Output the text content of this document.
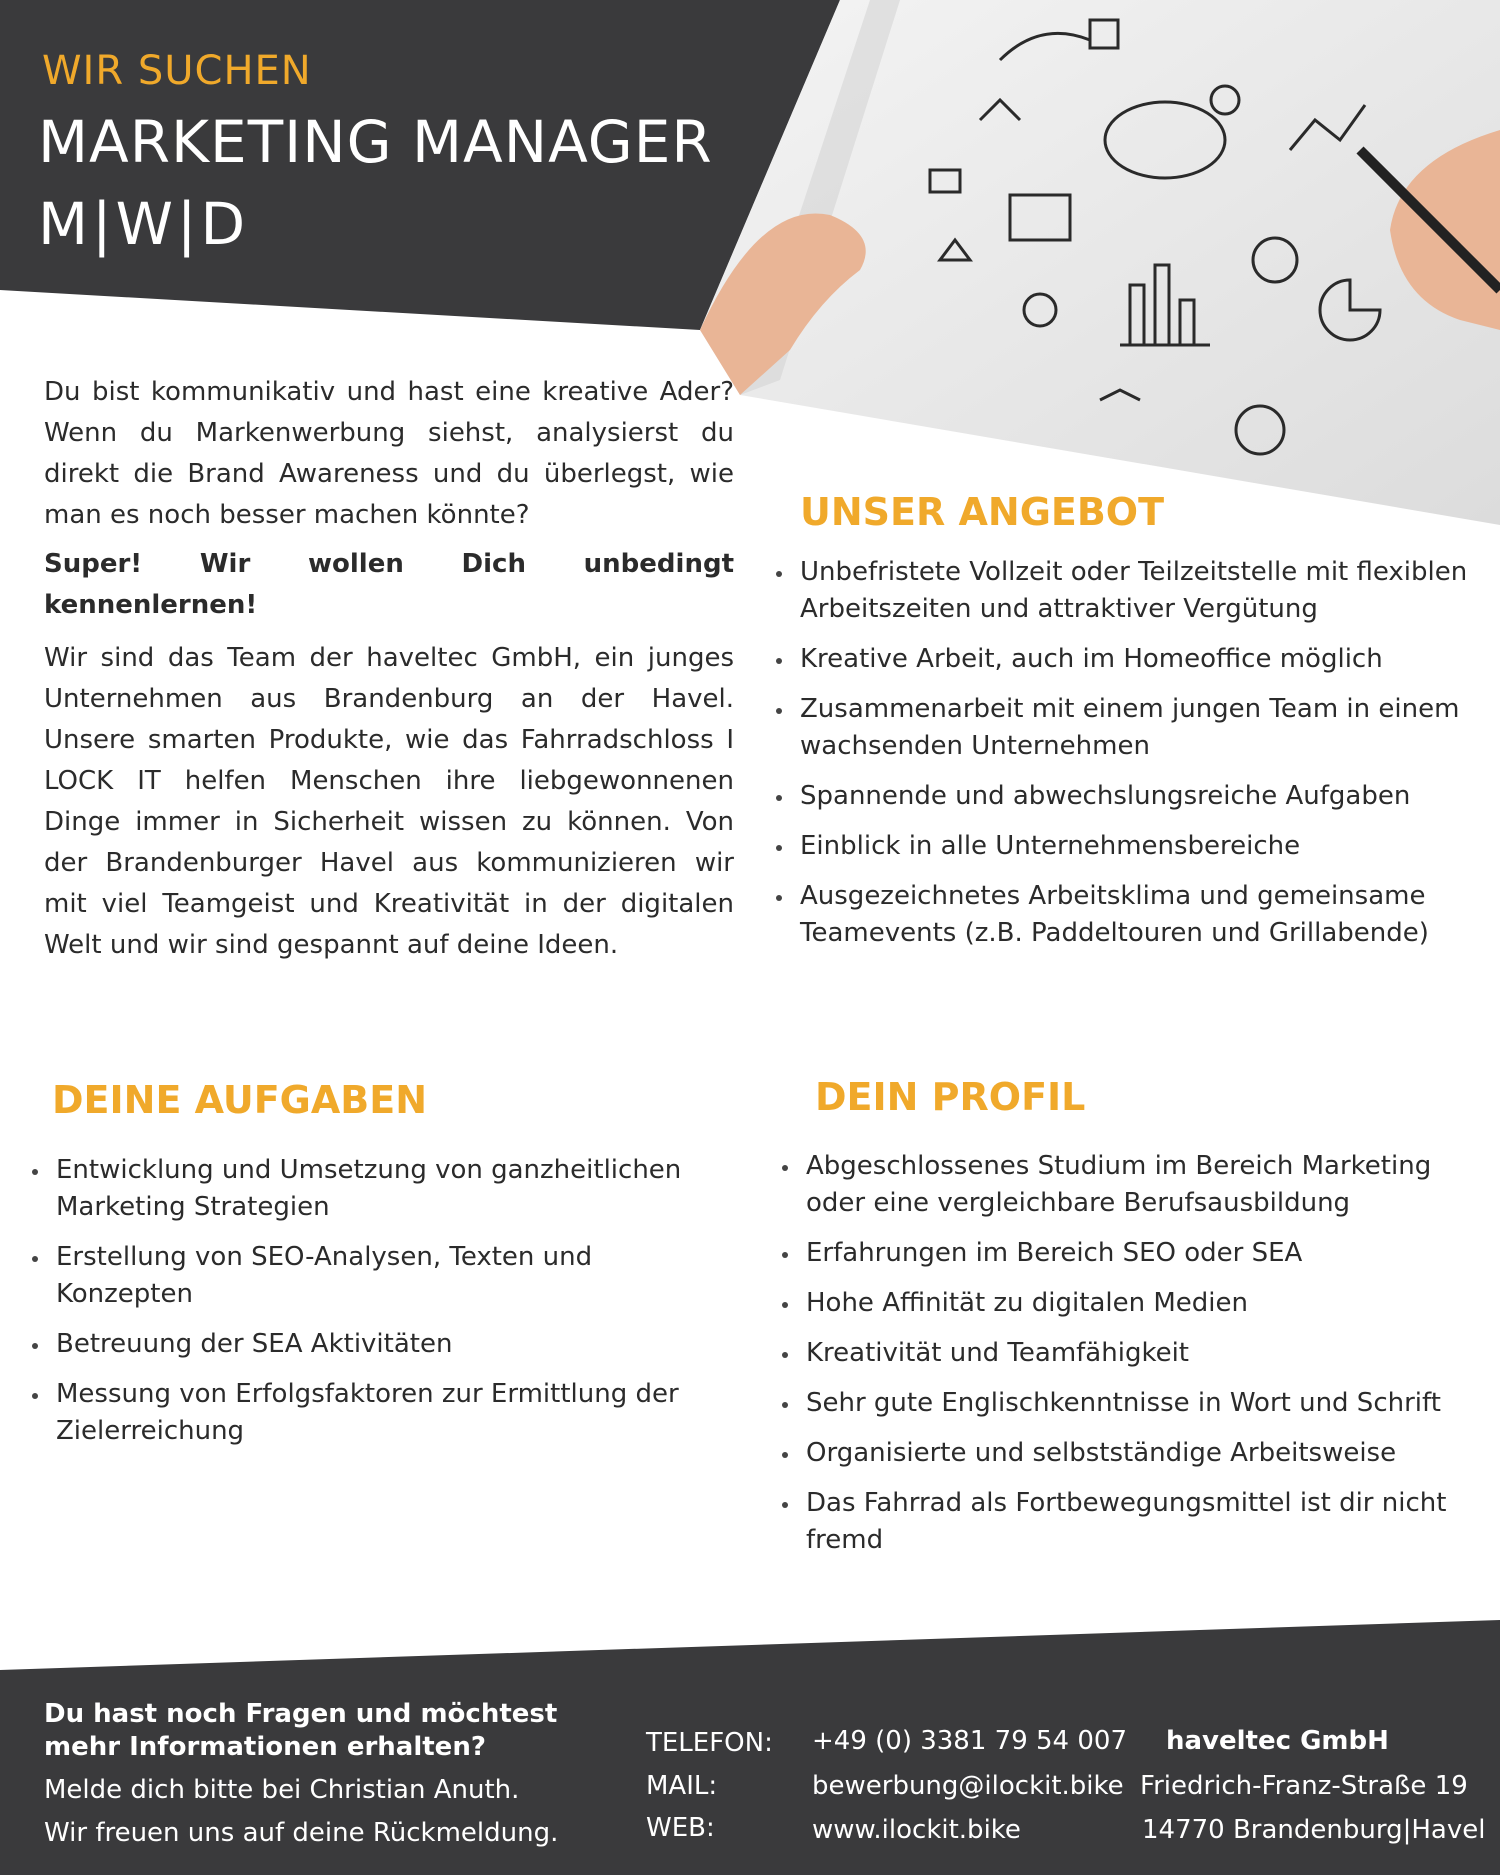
WIR SUCHEN
MARKETING MANAGER
M|W|D

Du bist kommunikativ und hast eine kreative Ader? Wenn du Markenwerbung siehst, analysierst du direkt die Brand Awareness und du überlegst, wie man es noch besser machen könnte?

Super! Wir wollen Dich unbedingt kennenlernen!

Wir sind das Team der haveltec GmbH, ein junges Unternehmen aus Brandenburg an der Havel. Unsere smarten Produkte, wie das Fahrradschloss I LOCK IT helfen Menschen ihre liebgewonnenen Dinge immer in Sicherheit wissen zu können. Von der Brandenburger Havel aus kommunizieren wir mit viel Teamgeist und Kreativität in der digitalen Welt und wir sind gespannt auf deine Ideen.

UNSER ANGEBOT
Unbefristete Vollzeit oder Teilzeitstelle mit flexiblen Arbeitszeiten und attraktiver Vergütung
Kreative Arbeit, auch im Homeoffice möglich
Zusammenarbeit mit einem jungen Team in einem wachsenden Unternehmen
Spannende und abwechslungsreiche Aufgaben
Einblick in alle Unternehmensbereiche
Ausgezeichnetes Arbeitsklima und gemeinsame Teamevents (z.B. Paddeltouren und Grillabende)
DEINE AUFGABEN
Entwicklung und Umsetzung von ganzheitlichen Marketing Strategien
Erstellung von SEO-Analysen, Texten und Konzepten
Betreuung der SEA Aktivitäten
Messung von Erfolgsfaktoren zur Ermittlung der Zielerreichung
DEIN PROFIL
Abgeschlossenes Studium im Bereich Marketing oder eine vergleichbare Berufsausbildung
Erfahrungen im Bereich SEO oder SEA
Hohe Affinität zu digitalen Medien
Kreativität und Teamfähigkeit
Sehr gute Englischkenntnisse in Wort und Schrift
Organisierte und selbstständige Arbeitsweise
Das Fahrrad als Fortbewegungsmittel ist dir nicht fremd

Du hast noch Fragen und möchtest

mehr Informationen erhalten?

Melde dich bitte bei Christian Anuth.

Wir freuen uns auf deine Rückmeldung.

TELEFON: +49 (0) 3381 79 54 007

MAIL:	bewerbung@ilockit.bike

WEB:	www.ilockit.bike

haveltec GmbH

Friedrich-Franz-Straße 19

14770 Brandenburg|Havel
